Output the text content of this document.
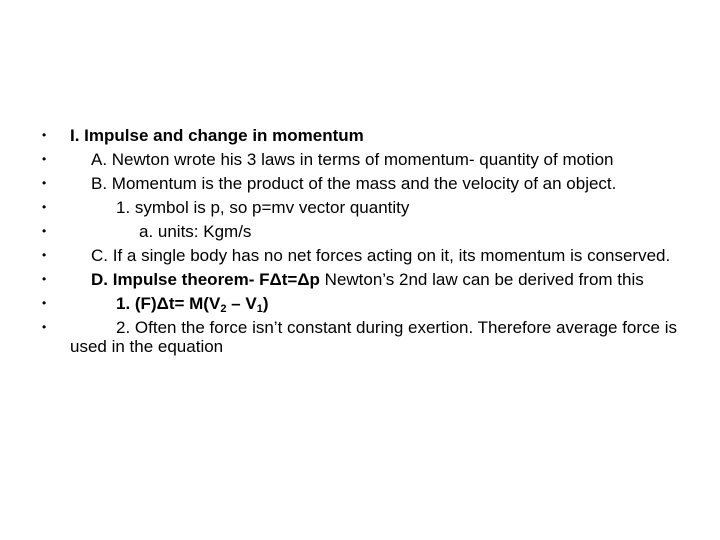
• I. Impulse and change in momentum
•	A. Newton wrote his 3 laws in terms of momentum- quantity of motion
•	B. Momentum is the product of the mass and the velocity of an object.
•	1. symbol is p, so p=mv vector quantity
•	a. units: Kgm/s
•	C. If a single body has no net forces acting on it, its momentum is conserved.
•	D. Impulse theorem- FΔt=Δp Newton’s 2nd law can be derived from this
•	1. $(F)\Delta t= M(V_2 - V_1)$
•	2. Often the force isn’t constant during exertion. Therefore average force is used in the equation
